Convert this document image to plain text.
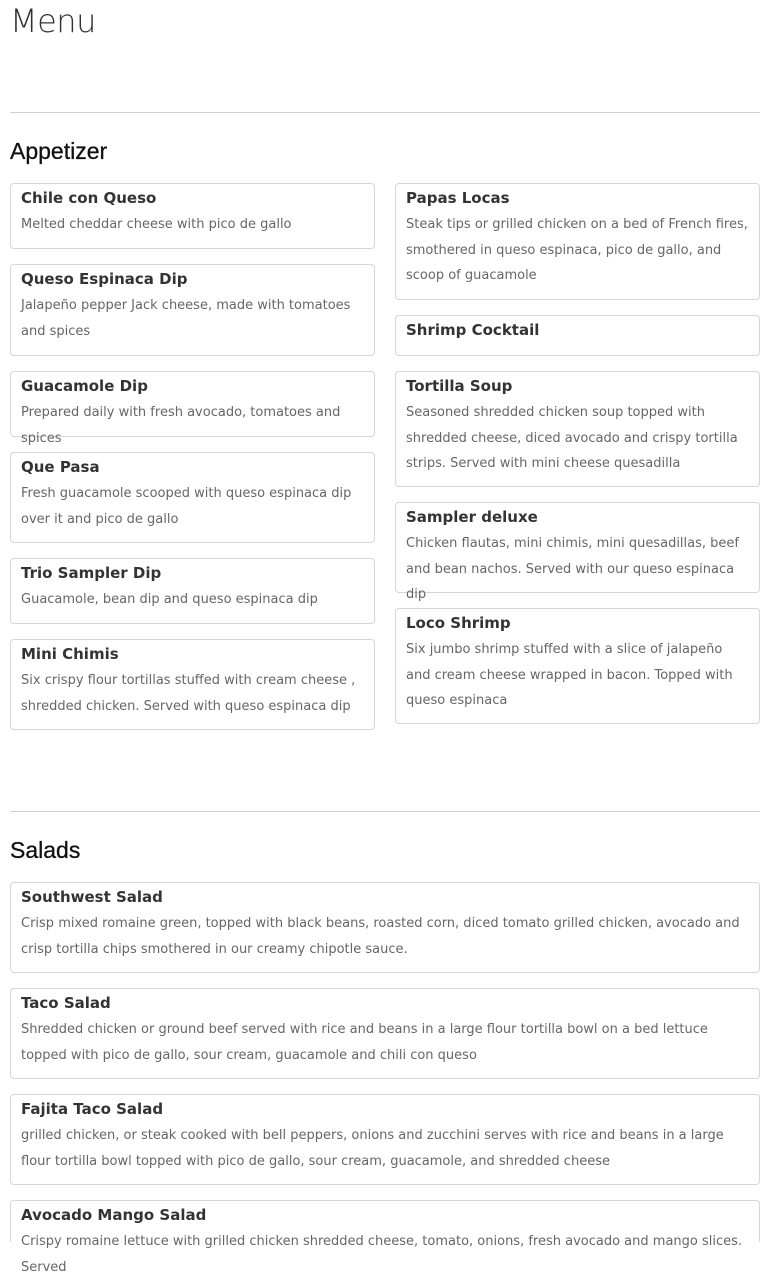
Menu
Appetizer
Chile con Queso
Melted cheddar cheese with pico de gallo
Queso Espinaca Dip
Jalapeño pepper Jack cheese, made with tomatoes and spices
Guacamole Dip
Prepared daily with fresh avocado, tomatoes and spices
Que Pasa
Fresh guacamole scooped with queso espinaca dip over it and pico de gallo
Trio Sampler Dip
Guacamole, bean dip and queso espinaca dip
Mini Chimis
Six crispy flour tortillas stuffed with cream cheese , shredded chicken. Served with queso espinaca dip
Papas Locas
Steak tips or grilled chicken on a bed of French fires, smothered in queso espinaca, pico de gallo, and scoop of guacamole
Shrimp Cocktail
Tortilla Soup
Seasoned shredded chicken soup topped with shredded cheese, diced avocado and crispy tortilla strips. Served with mini cheese quesadilla
Sampler deluxe
Chicken flautas, mini chimis, mini quesadillas, beef and bean nachos. Served with our queso espinaca dip
Loco Shrimp
Six jumbo shrimp stuffed with a slice of jalapeño and cream cheese wrapped in bacon. Topped with queso espinaca
Salads
Southwest Salad
Crisp mixed romaine green, topped with black beans, roasted corn, diced tomato grilled chicken, avocado and crisp tortilla chips smothered in our creamy chipotle sauce.
Taco Salad
Shredded chicken or ground beef served with rice and beans in a large flour tortilla bowl on a bed lettuce topped with pico de gallo, sour cream, guacamole and chili con queso
Fajita Taco Salad
grilled chicken, or steak cooked with bell peppers, onions and zucchini serves with rice and beans in a large flour tortilla bowl topped with pico de gallo, sour cream, guacamole, and shredded cheese
Avocado Mango Salad
Crispy romaine lettuce with grilled chicken shredded cheese, tomato, onions, fresh avocado and mango slices. Served
